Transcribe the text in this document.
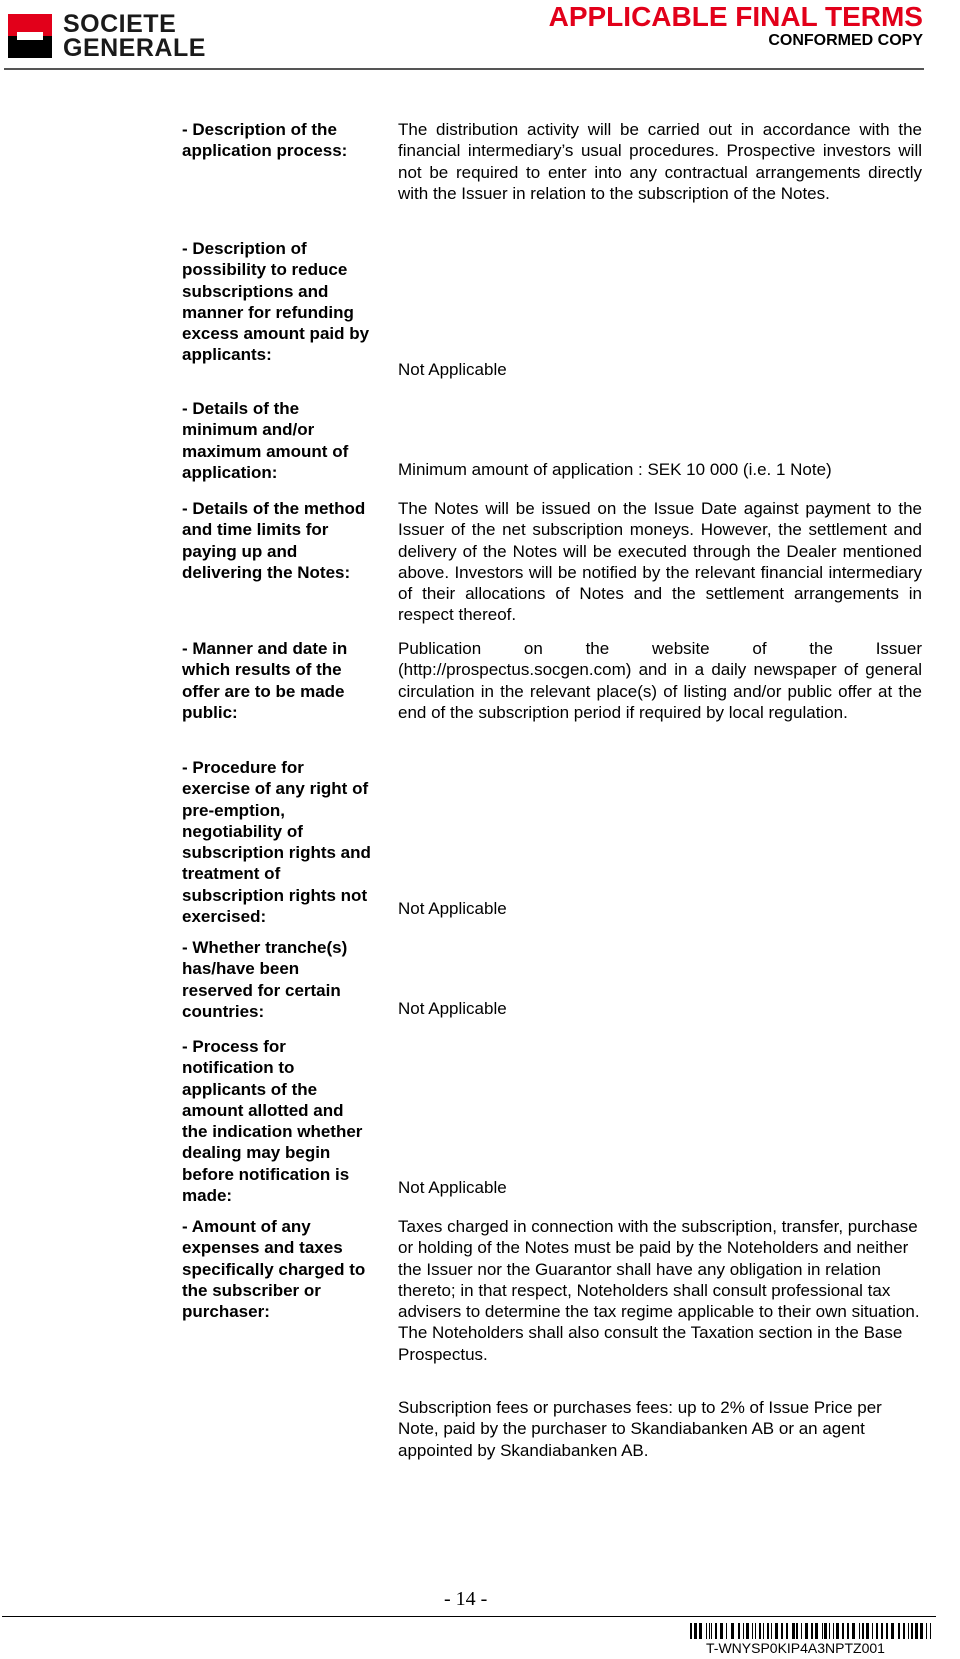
SOCIETE
GENERALE
APPLICABLE FINAL TERMS
CONFORMED COPY
- Description of the application process:
The distribution activity will be carried out in accordance with the financial intermediary’s usual procedures. Prospective investors will not be required to enter into any contractual arrangements directly with the Issuer in relation to the subscription of the Notes.
- Description of possibility to reduce subscriptions and manner for refunding excess amount paid by applicants:
Not Applicable
- Details of the minimum and/or maximum amount of application:	Minimum amount of application : SEK 10 000 (i.e. 1 Note)
- Details of the method and time limits for paying up and delivering the Notes:
The Notes will be issued on the Issue Date against payment to the Issuer of the net subscription moneys. However, the settlement and delivery of the Notes will be executed through the Dealer mentioned above. Investors will be notified by the relevant financial intermediary of their allocations of Notes and the settlement arrangements in respect thereof.
- Manner and date in which results of the offer are to be made public:
Publication on the website of the Issuer (http://prospectus.socgen.com) and in a daily newspaper of general circulation in the relevant place(s) of listing and/or public offer at the end of the subscription period if required by local regulation.
- Procedure for exercise of any right of pre-emption, negotiability of subscription rights and treatment of subscription rights not exercised:	Not Applicable
- Whether tranche(s) has/have been reserved for certain countries:	Not Applicable
- Process for notification to applicants of the amount allotted and the indication whether dealing may begin before notification is made:	Not Applicable
- Amount of any expenses and taxes specifically charged to the subscriber or purchaser:
Taxes charged in connection with the subscription, transfer, purchase or holding of the Notes must be paid by the Noteholders and neither the Issuer nor the Guarantor shall have any obligation in relation thereto; in that respect, Noteholders shall consult professional tax advisers to determine the tax regime applicable to their own situation. The Noteholders shall also consult the Taxation section in the Base Prospectus.
Subscription fees or purchases fees: up to 2% of Issue Price per Note, paid by the purchaser to Skandiabanken AB or an agent appointed by Skandiabanken AB.
- 14 -
T-WNYSP0KIP4A3NPTZ001
